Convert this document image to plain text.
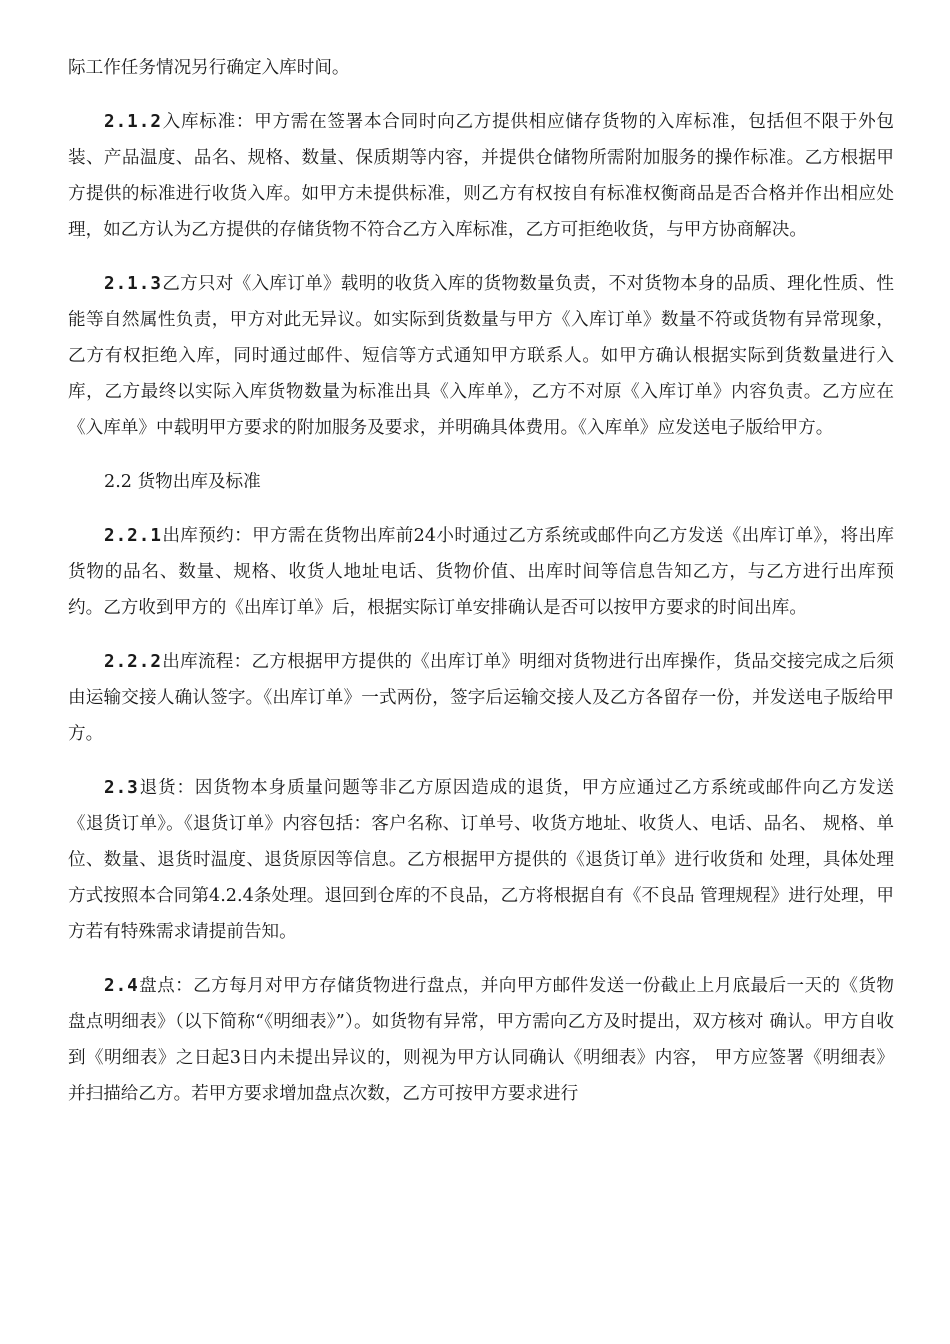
际工作任务情况另行确定入库时间。

2.1.2入库标准：甲方需在签署本合同时向乙方提供相应储存货物的入库标准，包括但不限于外包装、产品温度、品名、规格、数量、保质期等内容，并提供仓储物所需附加服务的操作标准。乙方根据甲方提供的标准进行收货入库。如甲方未提供标准，则乙方有权按自有标准权衡商品是否合格并作出相应处理，如乙方认为乙方提供的存储货物不符合乙方入库标准，乙方可拒绝收货，与甲方协商解决。

2.1.3乙方只对《入库订单》载明的收货入库的货物数量负责，不对货物本身的品质、理化性质、性能等自然属性负责，甲方对此无异议。如实际到货数量与甲方《入库订单》数量不符或货物有异常现象，乙方有权拒绝入库，同时通过邮件、短信等方式通知甲方联系人。如甲方确认根据实际到货数量进行入库，乙方最终以实际入库货物数量为标准出具《入库单》，乙方不对原《入库订单》内容负责。乙方应在《入库单》中载明甲方要求的附加服务及要求，并明确具体费用。《入库单》应发送电子版给甲方。

2.2 货物出库及标准

2.2.1出库预约：甲方需在货物出库前24小时通过乙方系统或邮件向乙方发送《出库订单》，将出库货物的品名、数量、规格、收货人地址电话、货物价值、出库时间等信息告知乙方，与乙方进行出库预约。乙方收到甲方的《出库订单》后，根据实际订单安排确认是否可以按甲方要求的时间出库。

2.2.2出库流程：乙方根据甲方提供的《出库订单》明细对货物进行出库操作，货品交接完成之后须由运输交接人确认签字。《出库订单》一式两份，签字后运输交接人及乙方各留存一份，并发送电子版给甲方。

2.3退货：因货物本身质量问题等非乙方原因造成的退货，甲方应通过乙方系统或邮件向乙方发送《退货订单》。《退货订单》内容包括：客户名称、订单号、收货方地址、收货人、电话、品名、 规格、单位、数量、退货时温度、退货原因等信息。乙方根据甲方提供的《退货订单》进行收货和 处理，具体处理方式按照本合同第4.2.4条处理。退回到仓库的不良品，乙方将根据自有《不良品 管理规程》进行处理，甲方若有特殊需求请提前告知。

2.4盘点：乙方每月对甲方存储货物进行盘点，并向甲方邮件发送一份截止上月底最后一天的《货物盘点明细表》（以下简称“《明细表》”）。如货物有异常，甲方需向乙方及时提出，双方核对 确认。甲方自收到《明细表》之日起3日内未提出异议的，则视为甲方认同确认《明细表》内容， 甲方应签署《明细表》并扫描给乙方。若甲方要求增加盘点次数，乙方可按甲方要求进行
